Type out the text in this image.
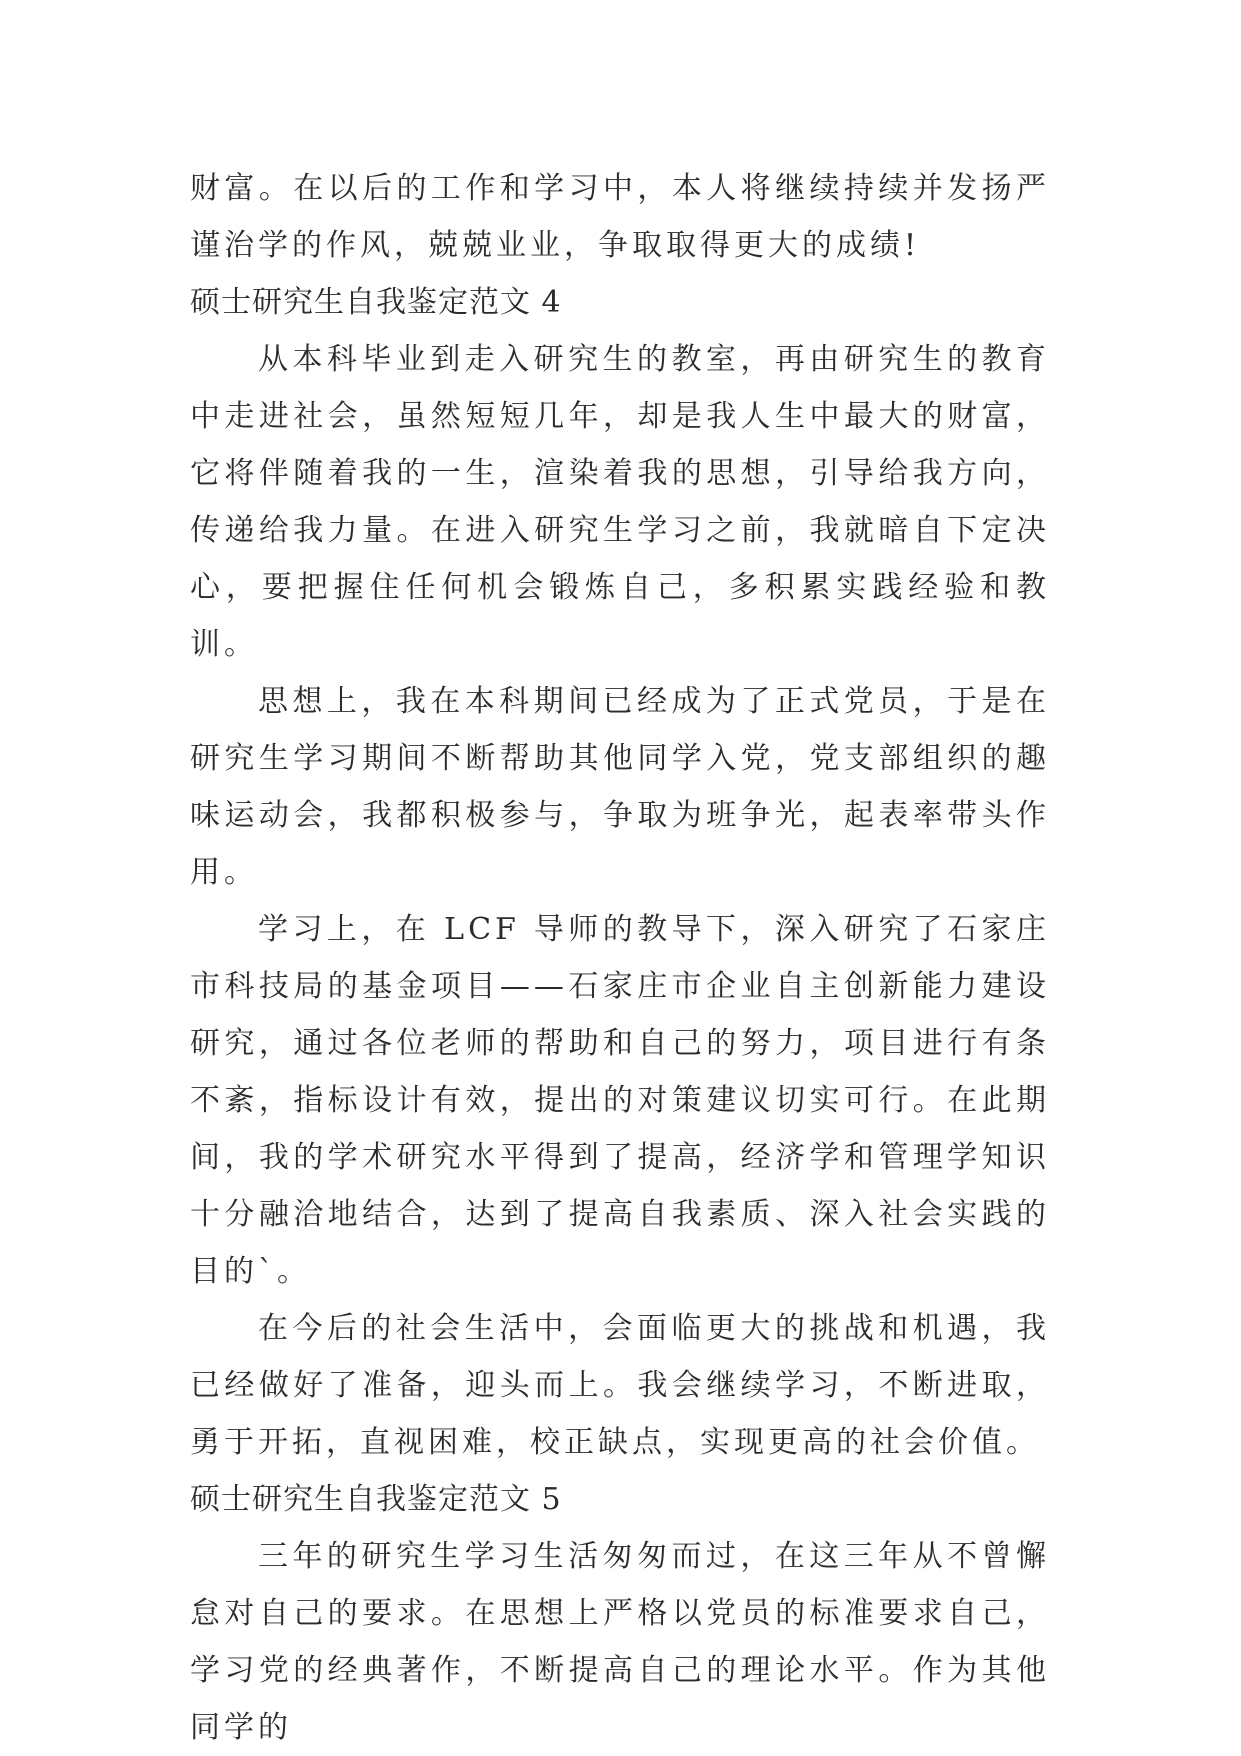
财富。在以后的工作和学习中，本人将继续持续并发扬严谨治学的作风，兢兢业业，争取取得更大的成绩!

硕士研究生自我鉴定范文 4

从本科毕业到走入研究生的教室，再由研究生的教育中走进社会，虽然短短几年，却是我人生中最大的财富，它将伴随着我的一生，渲染着我的思想，引导给我方向，传递给我力量。在进入研究生学习之前，我就暗自下定决心，要把握住任何机会锻炼自己，多积累实践经验和教训。

思想上，我在本科期间已经成为了正式党员，于是在研究生学习期间不断帮助其他同学入党，党支部组织的趣味运动会，我都积极参与，争取为班争光，起表率带头作用。

学习上，在 LCF 导师的教导下，深入研究了石家庄市科技局的基金项目——石家庄市企业自主创新能力建设研究，通过各位老师的帮助和自己的努力，项目进行有条不紊，指标设计有效，提出的对策建议切实可行。在此期间，我的学术研究水平得到了提高，经济学和管理学知识十分融洽地结合，达到了提高自我素质、深入社会实践的目的`。

在今后的社会生活中，会面临更大的挑战和机遇，我已经做好了准备，迎头而上。我会继续学习，不断进取，勇于开拓，直视困难，校正缺点，实现更高的社会价值。

硕士研究生自我鉴定范文 5

三年的研究生学习生活匆匆而过，在这三年从不曾懈怠对自己的要求。在思想上严格以党员的标准要求自己，学习党的经典著作，不断提高自己的理论水平。作为其他同学的
